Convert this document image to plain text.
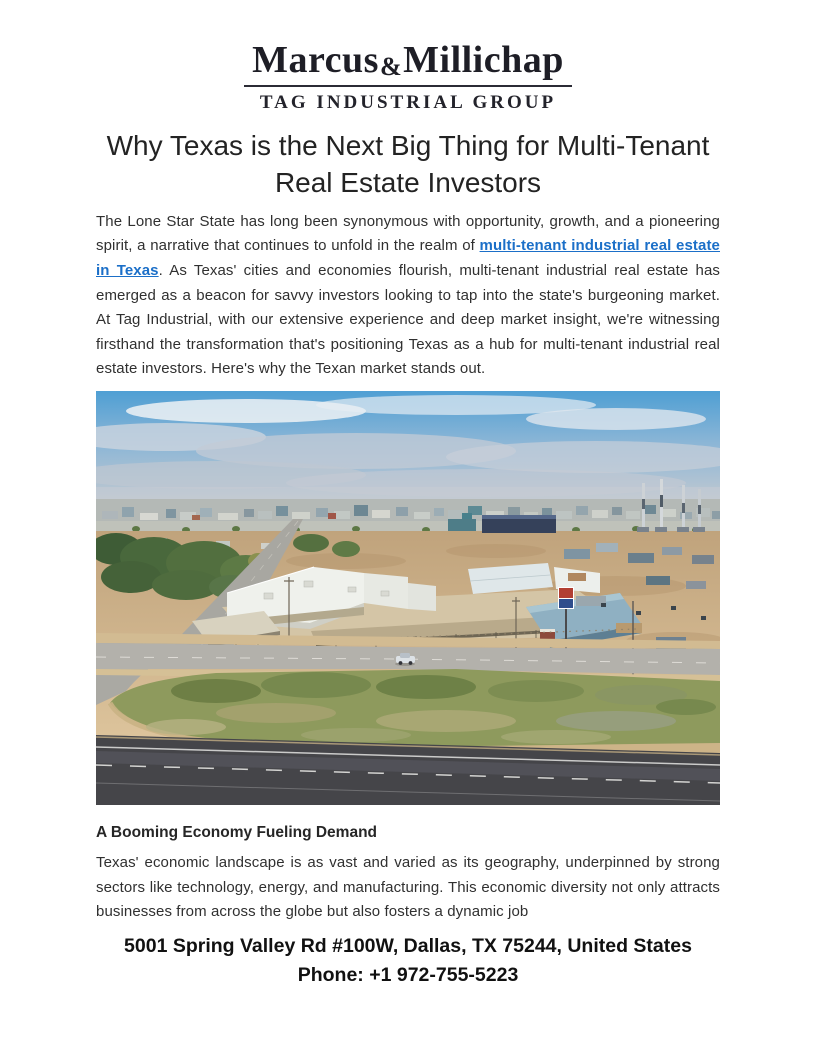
Marcus&Millichap
TAG INDUSTRIAL GROUP
Why Texas is the Next Big Thing for Multi-Tenant
Real Estate Investors

The Lone Star State has long been synonymous with opportunity, growth, and a pioneering spirit, a narrative that continues to unfold in the realm of multi-tenant industrial real estate in Texas. As Texas' cities and economies flourish, multi-tenant industrial real estate has emerged as a beacon for savvy investors looking to tap into the state's burgeoning market. At Tag Industrial, with our extensive experience and deep market insight, we're witnessing firsthand the transformation that's positioning Texas as a hub for multi-tenant industrial real estate investors. Here's why the Texan market stands out.

A Booming Economy Fueling Demand

Texas' economic landscape is as vast and varied as its geography, underpinned by strong sectors like technology, energy, and manufacturing. This economic diversity not only attracts businesses from across the globe but also fosters a dynamic job

5001 Spring Valley Rd #100W, Dallas, TX 75244, United States
Phone: +1 972-755-5223
